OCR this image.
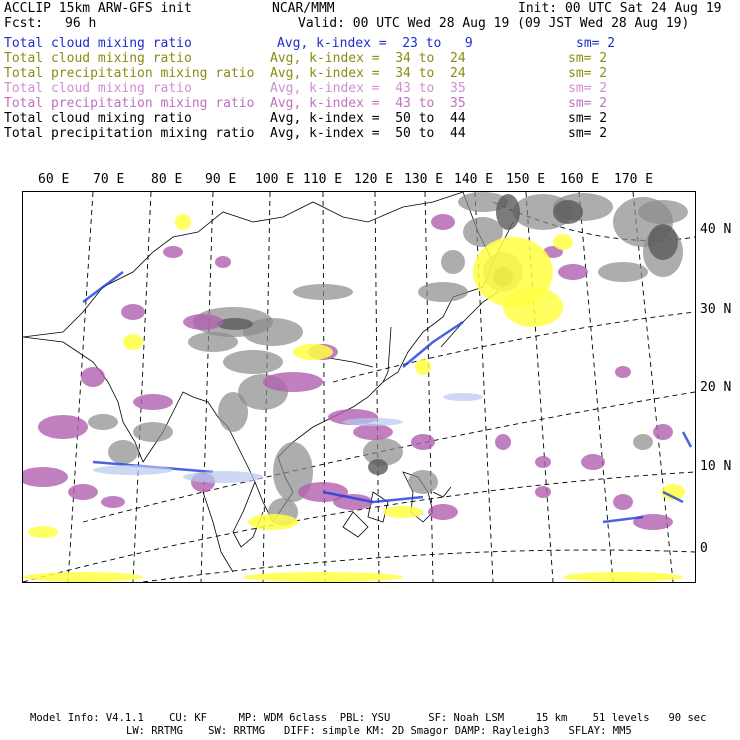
ACCLIP 15km ARW-GFS init	NCAR/MMM	Init: 00 UTC Sat 24 Aug 19
Fcst: 96 h	Valid: 00 UTC Wed 28 Aug 19 (09 JST Wed 28 Aug 19)
Total cloud mixing ratio	Avg, k-index =  23 to   9	sm= 2
Total cloud mixing ratio	Avg, k-index =  34 to  24	sm= 2
Total precipitation mixing ratio Avg, k-index =  34 to  24	sm= 2
Total cloud mixing ratio	Avg, k-index =  43 to  35	sm= 2
Total precipitation mixing ratio Avg, k-index =  43 to  35	sm= 2
Total cloud mixing ratio	Avg, k-index =  50 to  44	sm= 2
Total precipitation mixing ratio Avg, k-index =  50 to  44	sm= 2
60 E 70 E 80 E 90 E 100 E 110 E 120 E 130 E 140 E 150 E 160 E 170 E
40 N
30 N
20 N
10 N
0
Model Info: V4.1.1    CU: KF     MP: WDM 6class  PBL: YSU      SF: Noah LSM     15 km    51 levels   90 sec
LW: RRTMG    SW: RRTMG   DIFF: simple KM: 2D Smagor DAMP: Rayleigh3   SFLAY: MM5
